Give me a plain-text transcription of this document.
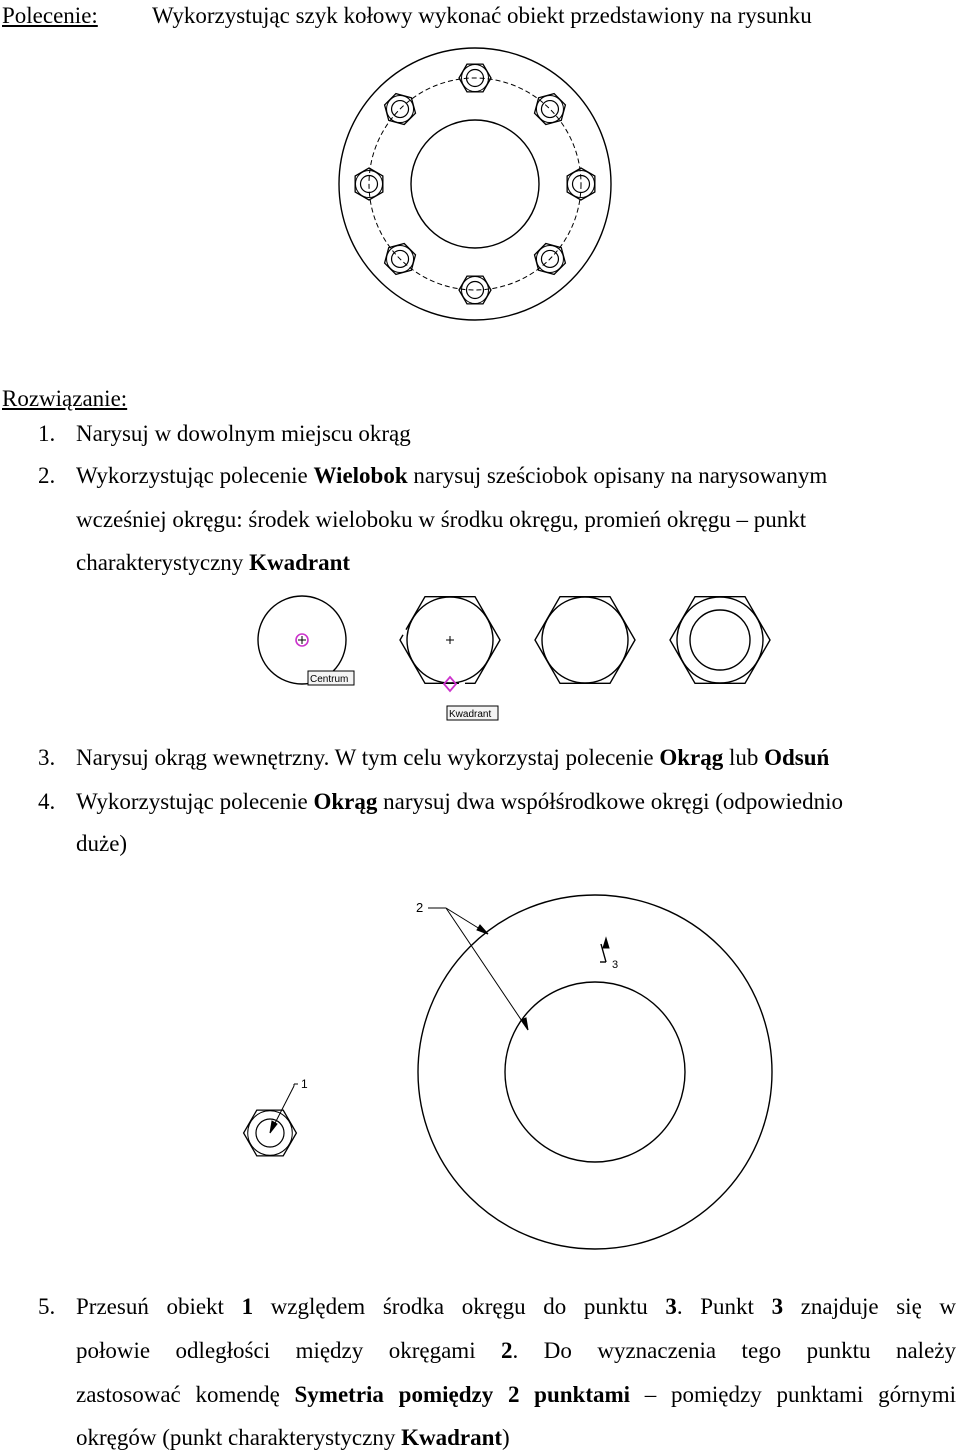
Polecenie: Wykorzystując szyk kołowy wykonać obiekt przedstawiony na rysunku
Rozwiązanie:
1. Narysuj w dowolnym miejscu okrąg
2. Wykorzystując polecenie Wielobok narysuj sześciobok opisany na narysowanym
wcześniej okręgu: środek wieloboku w środku okręgu, promień okręgu – punkt
charakterystyczny Kwadrant
Centrum
Kwadrant
3. Narysuj okrąg wewnętrzny. W tym celu wykorzystaj polecenie Okrąg lub Odsuń
4. Wykorzystując polecenie Okrąg narysuj dwa współśrodkowe okręgi (odpowiednio
duże)
2
3
1
5. Przesuń obiekt 1 względem środka okręgu do punktu 3. Punkt 3 znajduje się w
połowie odległości między okręgami 2. Do wyznaczenia tego punktu należy
zastosować komendę Symetria pomiędzy 2 punktami – pomiędzy punktami górnymi
okręgów (punkt charakterystyczny Kwadrant)
